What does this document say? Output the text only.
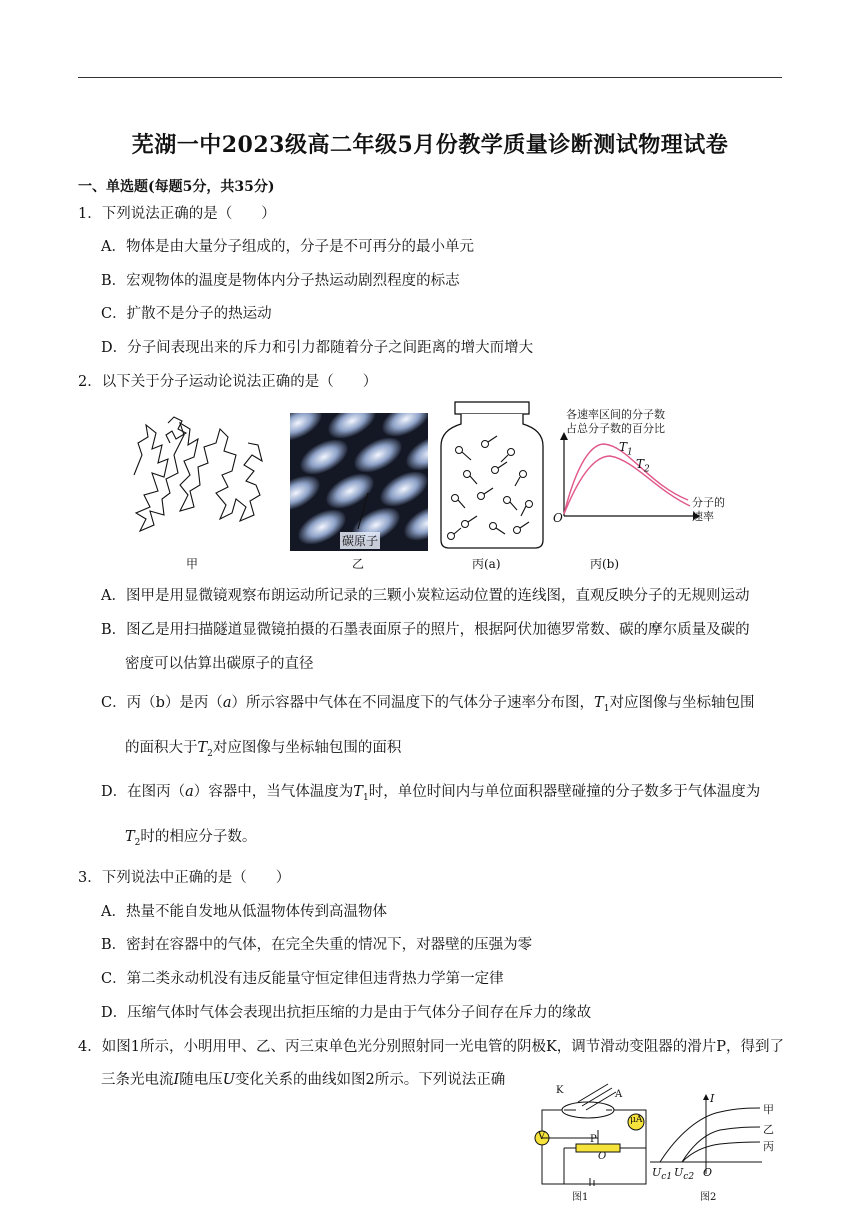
芜湖一中2023级高二年级5月份教学质量诊断测试物理试卷
一、单选题(每题5分，共35分)
1．下列说法正确的是（　　）
A．物体是由大量分子组成的，分子是不可再分的最小单元
B．宏观物体的温度是物体内分子热运动剧烈程度的标志
C．扩散不是分子的热运动
D．分子间表现出来的斥力和引力都随着分子之间距离的增大而增大
2．以下关于分子运动论说法正确的是（　　）
甲
碳原子
乙	丙(a)
各速率区间的分子数
占总分子数的百分比
$T_1$
$T_2$
分子的
速率
O
丙(b)
A．图甲是用显微镜观察布朗运动所记录的三颗小炭粒运动位置的连线图，直观反映分子的无规则运动
B．图乙是用扫描隧道显微镜拍摄的石墨表面原子的照片，根据阿伏加德罗常数、碳的摩尔质量及碳的
密度可以估算出碳原子的直径
C．丙（b）是丙（a）所示容器中气体在不同温度下的气体分子速率分布图，$T_1$对应图像与坐标轴包围
的面积大于$T_2$对应图像与坐标轴包围的面积
D．在图丙（a）容器中，当气体温度为$T_1$时，单位时间内与单位面积器壁碰撞的分子数多于气体温度为
$T_2$时的相应分子数。
3．下列说法中正确的是（　　）
A．热量不能自发地从低温物体传到高温物体
B．密封在容器中的气体，在完全失重的情况下，对器壁的压强为零
C．第二类永动机没有违反能量守恒定律但违背热力学第一定律
D．压缩气体时气体会表现出抗拒压缩的力是由于气体分子间存在斥力的缘故
4．如图1所示，小明用甲、乙、丙三束单色光分别照射同一光电管的阴极K，调节滑动变阻器的滑片P，得到了
三条光电流I随电压U变化关系的曲线如图2所示。下列说法正确
K	A
μA
V	P
O
图1
I
甲
乙
丙
$U_{c1}$ $U_{c2}$ O
图2
